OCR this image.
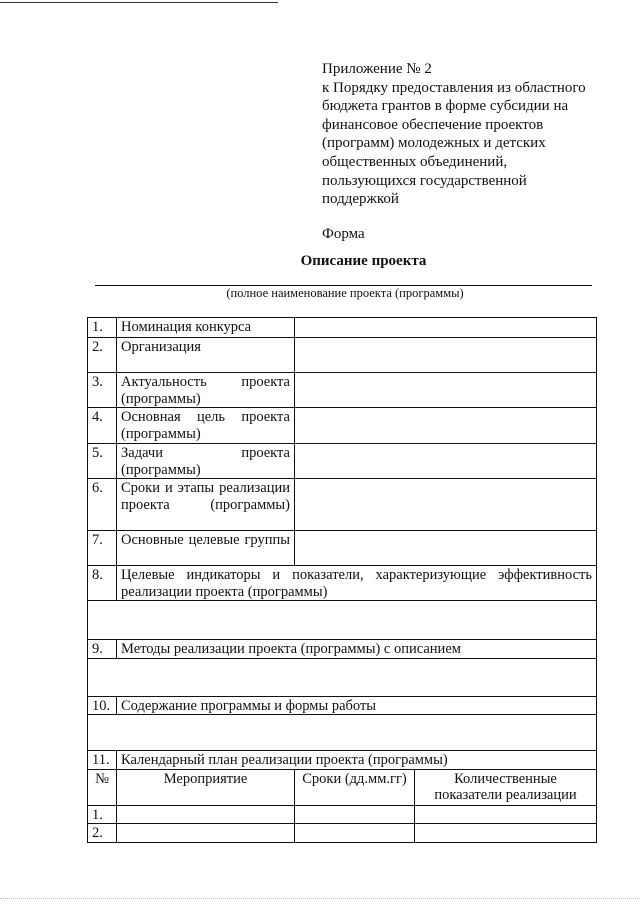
Приложение № 2
к Порядку предоставления из областного
бюджета грантов в форме субсидии на
финансовое обеспечение проектов
(программ) молодежных и детских
общественных объединений,
пользующихся государственной
поддержкой
Форма
Описание проекта
(полное наименование проекта (программы)
1.	Номинация конкурса		
2.	Организация		
3.	Актуальность проекта (программы)		
4.	Основная цель проекта (программы)		
5.	Задачи проекта (программы)		
6.	Сроки и этапы реализации проекта (программы)		
7.	Основные целевые группы		
8.	Целевые индикаторы и показатели, характеризующие эффективность реализации проекта (программы)		

9.	Методы реализации проекта (программы) с описанием		

10.	Содержание программы и формы работы		

11.	Календарный план реализации проекта (программы)		
№	Мероприятие	Сроки (дд.мм.гг)	Количественные показатели реализации
1.			
2.			
